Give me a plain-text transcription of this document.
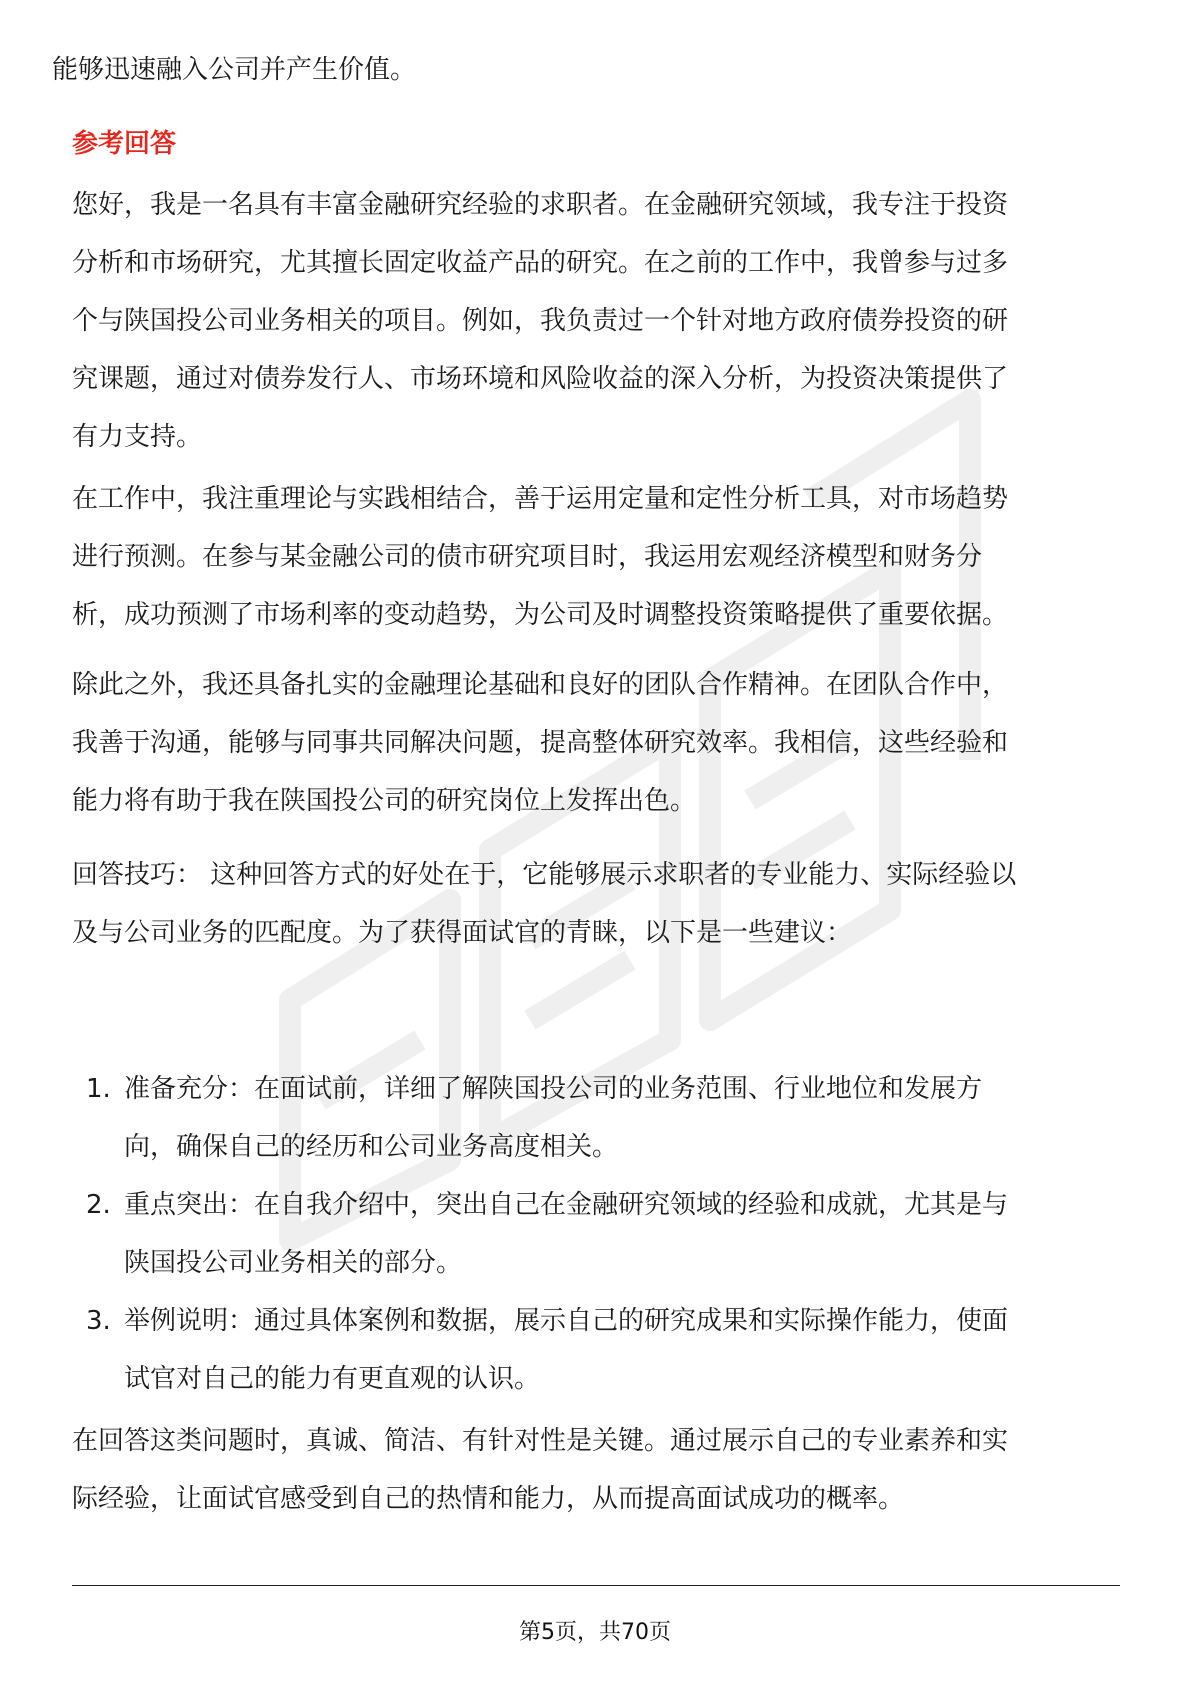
能够迅速融入公司并产生价值。
参考回答

您好，我是一名具有丰富金融研究经验的求职者。在金融研究领域，我专注于投资
分析和市场研究，尤其擅长固定收益产品的研究。在之前的工作中，我曾参与过多
个与陕国投公司业务相关的项目。例如，我负责过一个针对地方政府债券投资的研
究课题，通过对债券发行人、市场环境和风险收益的深入分析，为投资决策提供了
有力支持。

在工作中，我注重理论与实践相结合，善于运用定量和定性分析工具，对市场趋势
进行预测。在参与某金融公司的债市研究项目时，我运用宏观经济模型和财务分
析，成功预测了市场利率的变动趋势，为公司及时调整投资策略提供了重要依据。

除此之外，我还具备扎实的金融理论基础和良好的团队合作精神。在团队合作中，
我善于沟通，能够与同事共同解决问题，提高整体研究效率。我相信，这些经验和
能力将有助于我在陕国投公司的研究岗位上发挥出色。

回答技巧： 这种回答方式的好处在于，它能够展示求职者的专业能力、实际经验以
及与公司业务的匹配度。为了获得面试官的青睐，以下是一些建议：

1. 准备充分：在面试前，详细了解陕国投公司的业务范围、行业地位和发展方
向，确保自己的经历和公司业务高度相关。
2. 重点突出：在自我介绍中，突出自己在金融研究领域的经验和成就，尤其是与
陕国投公司业务相关的部分。
3. 举例说明：通过具体案例和数据，展示自己的研究成果和实际操作能力，使面
试官对自己的能力有更直观的认识。

在回答这类问题时，真诚、简洁、有针对性是关键。通过展示自己的专业素养和实
际经验，让面试官感受到自己的热情和能力，从而提高面试成功的概率。

第5页，共70页
